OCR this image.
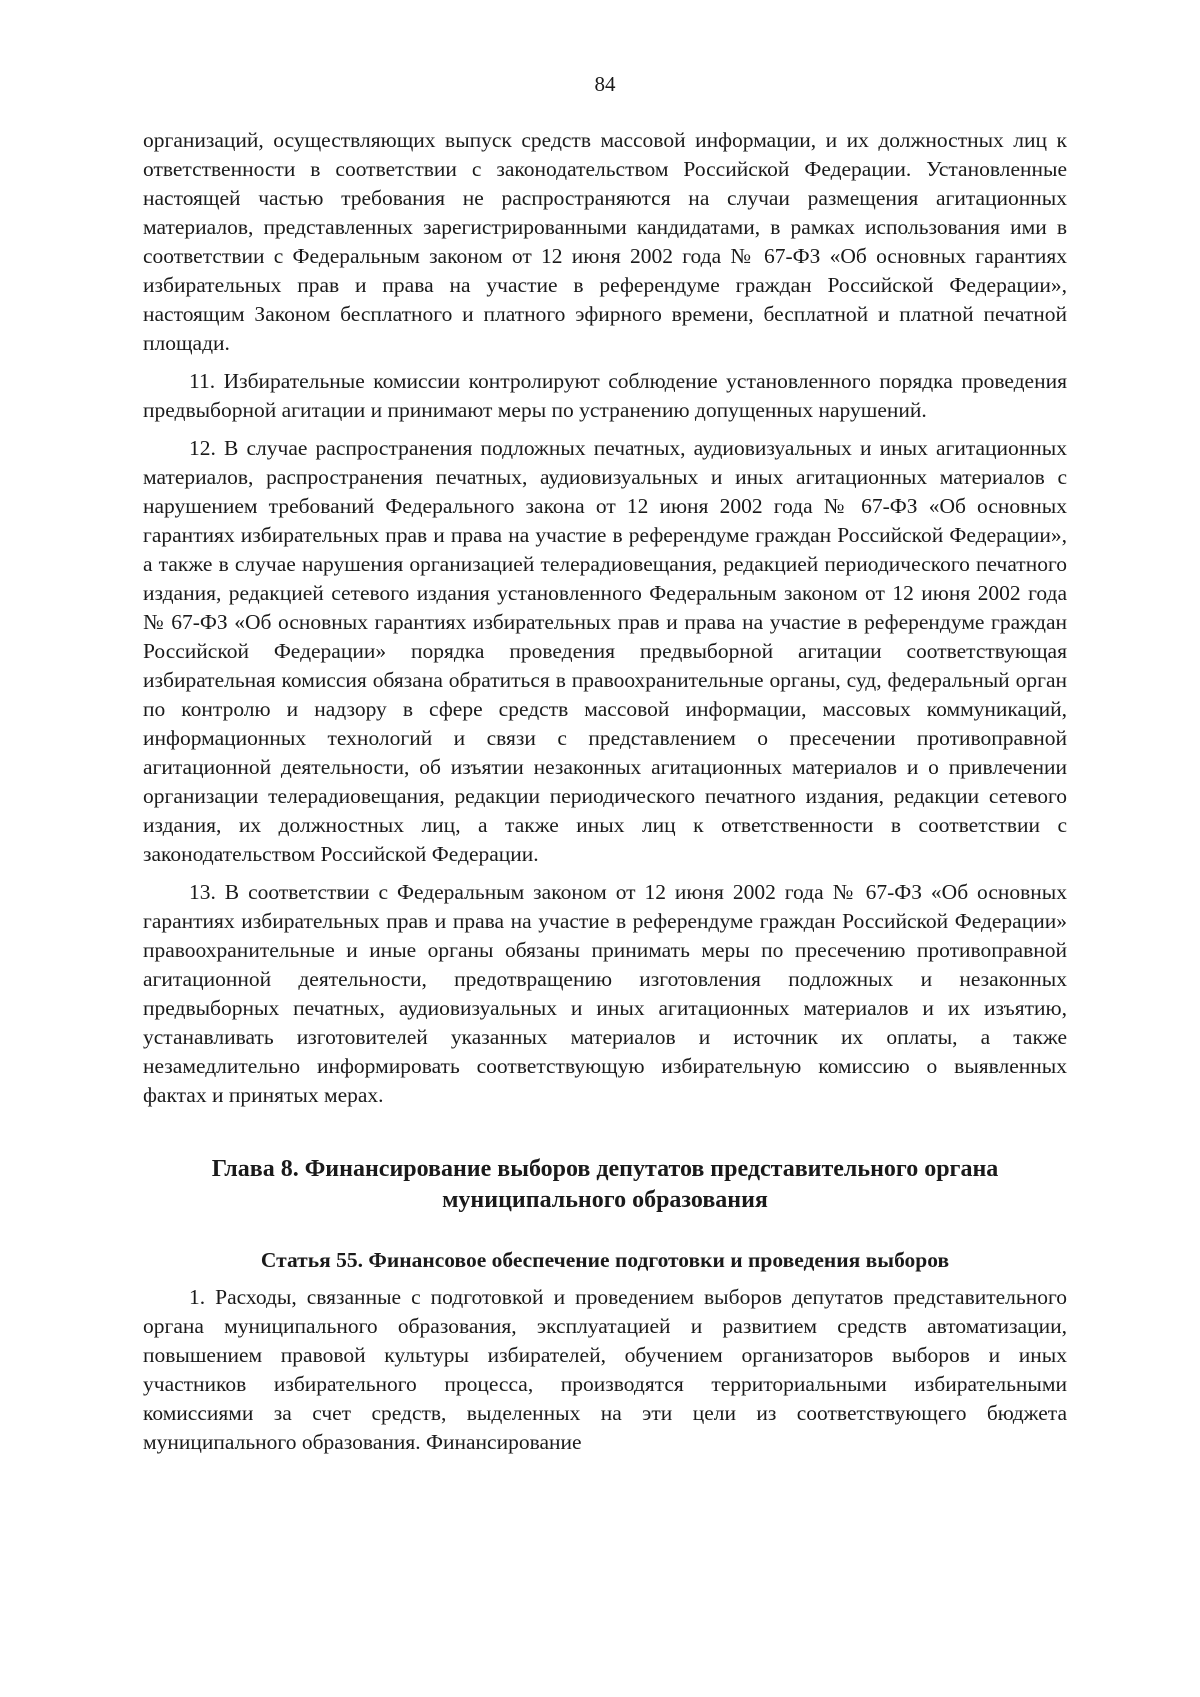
84

организаций, осуществляющих выпуск средств массовой информации, и их должностных лиц к ответственности в соответствии с законодательством Российской Федерации. Установленные настоящей частью требования не распространяются на случаи размещения агитационных материалов, представленных зарегистрированными кандидатами, в рамках использования ими в соответствии с Федеральным законом от 12 июня 2002 года № 67-ФЗ «Об основных гарантиях избирательных прав и права на участие в референдуме граждан Российской Федерации», настоящим Законом бесплатного и платного эфирного времени, бесплатной и платной печатной площади.

11. Избирательные комиссии контролируют соблюдение установленного порядка проведения предвыборной агитации и принимают меры по устранению допущенных нарушений.

12. В случае распространения подложных печатных, аудиовизуальных и иных агитационных материалов, распространения печатных, аудиовизуальных и иных агитационных материалов с нарушением требований Федерального закона от 12 июня 2002 года № 67-ФЗ «Об основных гарантиях избирательных прав и права на участие в референдуме граждан Российской Федерации», а также в случае нарушения организацией телерадиовещания, редакцией периодического печатного издания, редакцией сетевого издания установленного Федеральным законом от 12 июня 2002 года № 67-ФЗ «Об основных гарантиях избирательных прав и права на участие в референдуме граждан Российской Федерации» порядка проведения предвыборной агитации соответствующая избирательная комиссия обязана обратиться в правоохранительные органы, суд, федеральный орган по контролю и надзору в сфере средств массовой информации, массовых коммуникаций, информационных технологий и связи с представлением о пресечении противоправной агитационной деятельности, об изъятии незаконных агитационных материалов и о привлечении организации телерадиовещания, редакции периодического печатного издания, редакции сетевого издания, их должностных лиц, а также иных лиц к ответственности в соответствии с законодательством Российской Федерации.

13. В соответствии с Федеральным законом от 12 июня 2002 года № 67-ФЗ «Об основных гарантиях избирательных прав и права на участие в референдуме граждан Российской Федерации» правоохранительные и иные органы обязаны принимать меры по пресечению противоправной агитационной деятельности, предотвращению изготовления подложных и незаконных предвыборных печатных, аудиовизуальных и иных агитационных материалов и их изъятию, устанавливать изготовителей указанных материалов и источник их оплаты, а также незамедлительно информировать соответствующую избирательную комиссию о выявленных фактах и принятых мерах.

Глава 8. Финансирование выборов депутатов представительного органа муниципального образования
Статья 55. Финансовое обеспечение подготовки и проведения выборов

1. Расходы, связанные с подготовкой и проведением выборов депутатов представительного органа муниципального образования, эксплуатацией и развитием средств автоматизации, повышением правовой культуры избирателей, обучением организаторов выборов и иных участников избирательного процесса, производятся территориальными избирательными комиссиями за счет средств, выделенных на эти цели из соответствующего бюджета муниципального образования. Финансирование
